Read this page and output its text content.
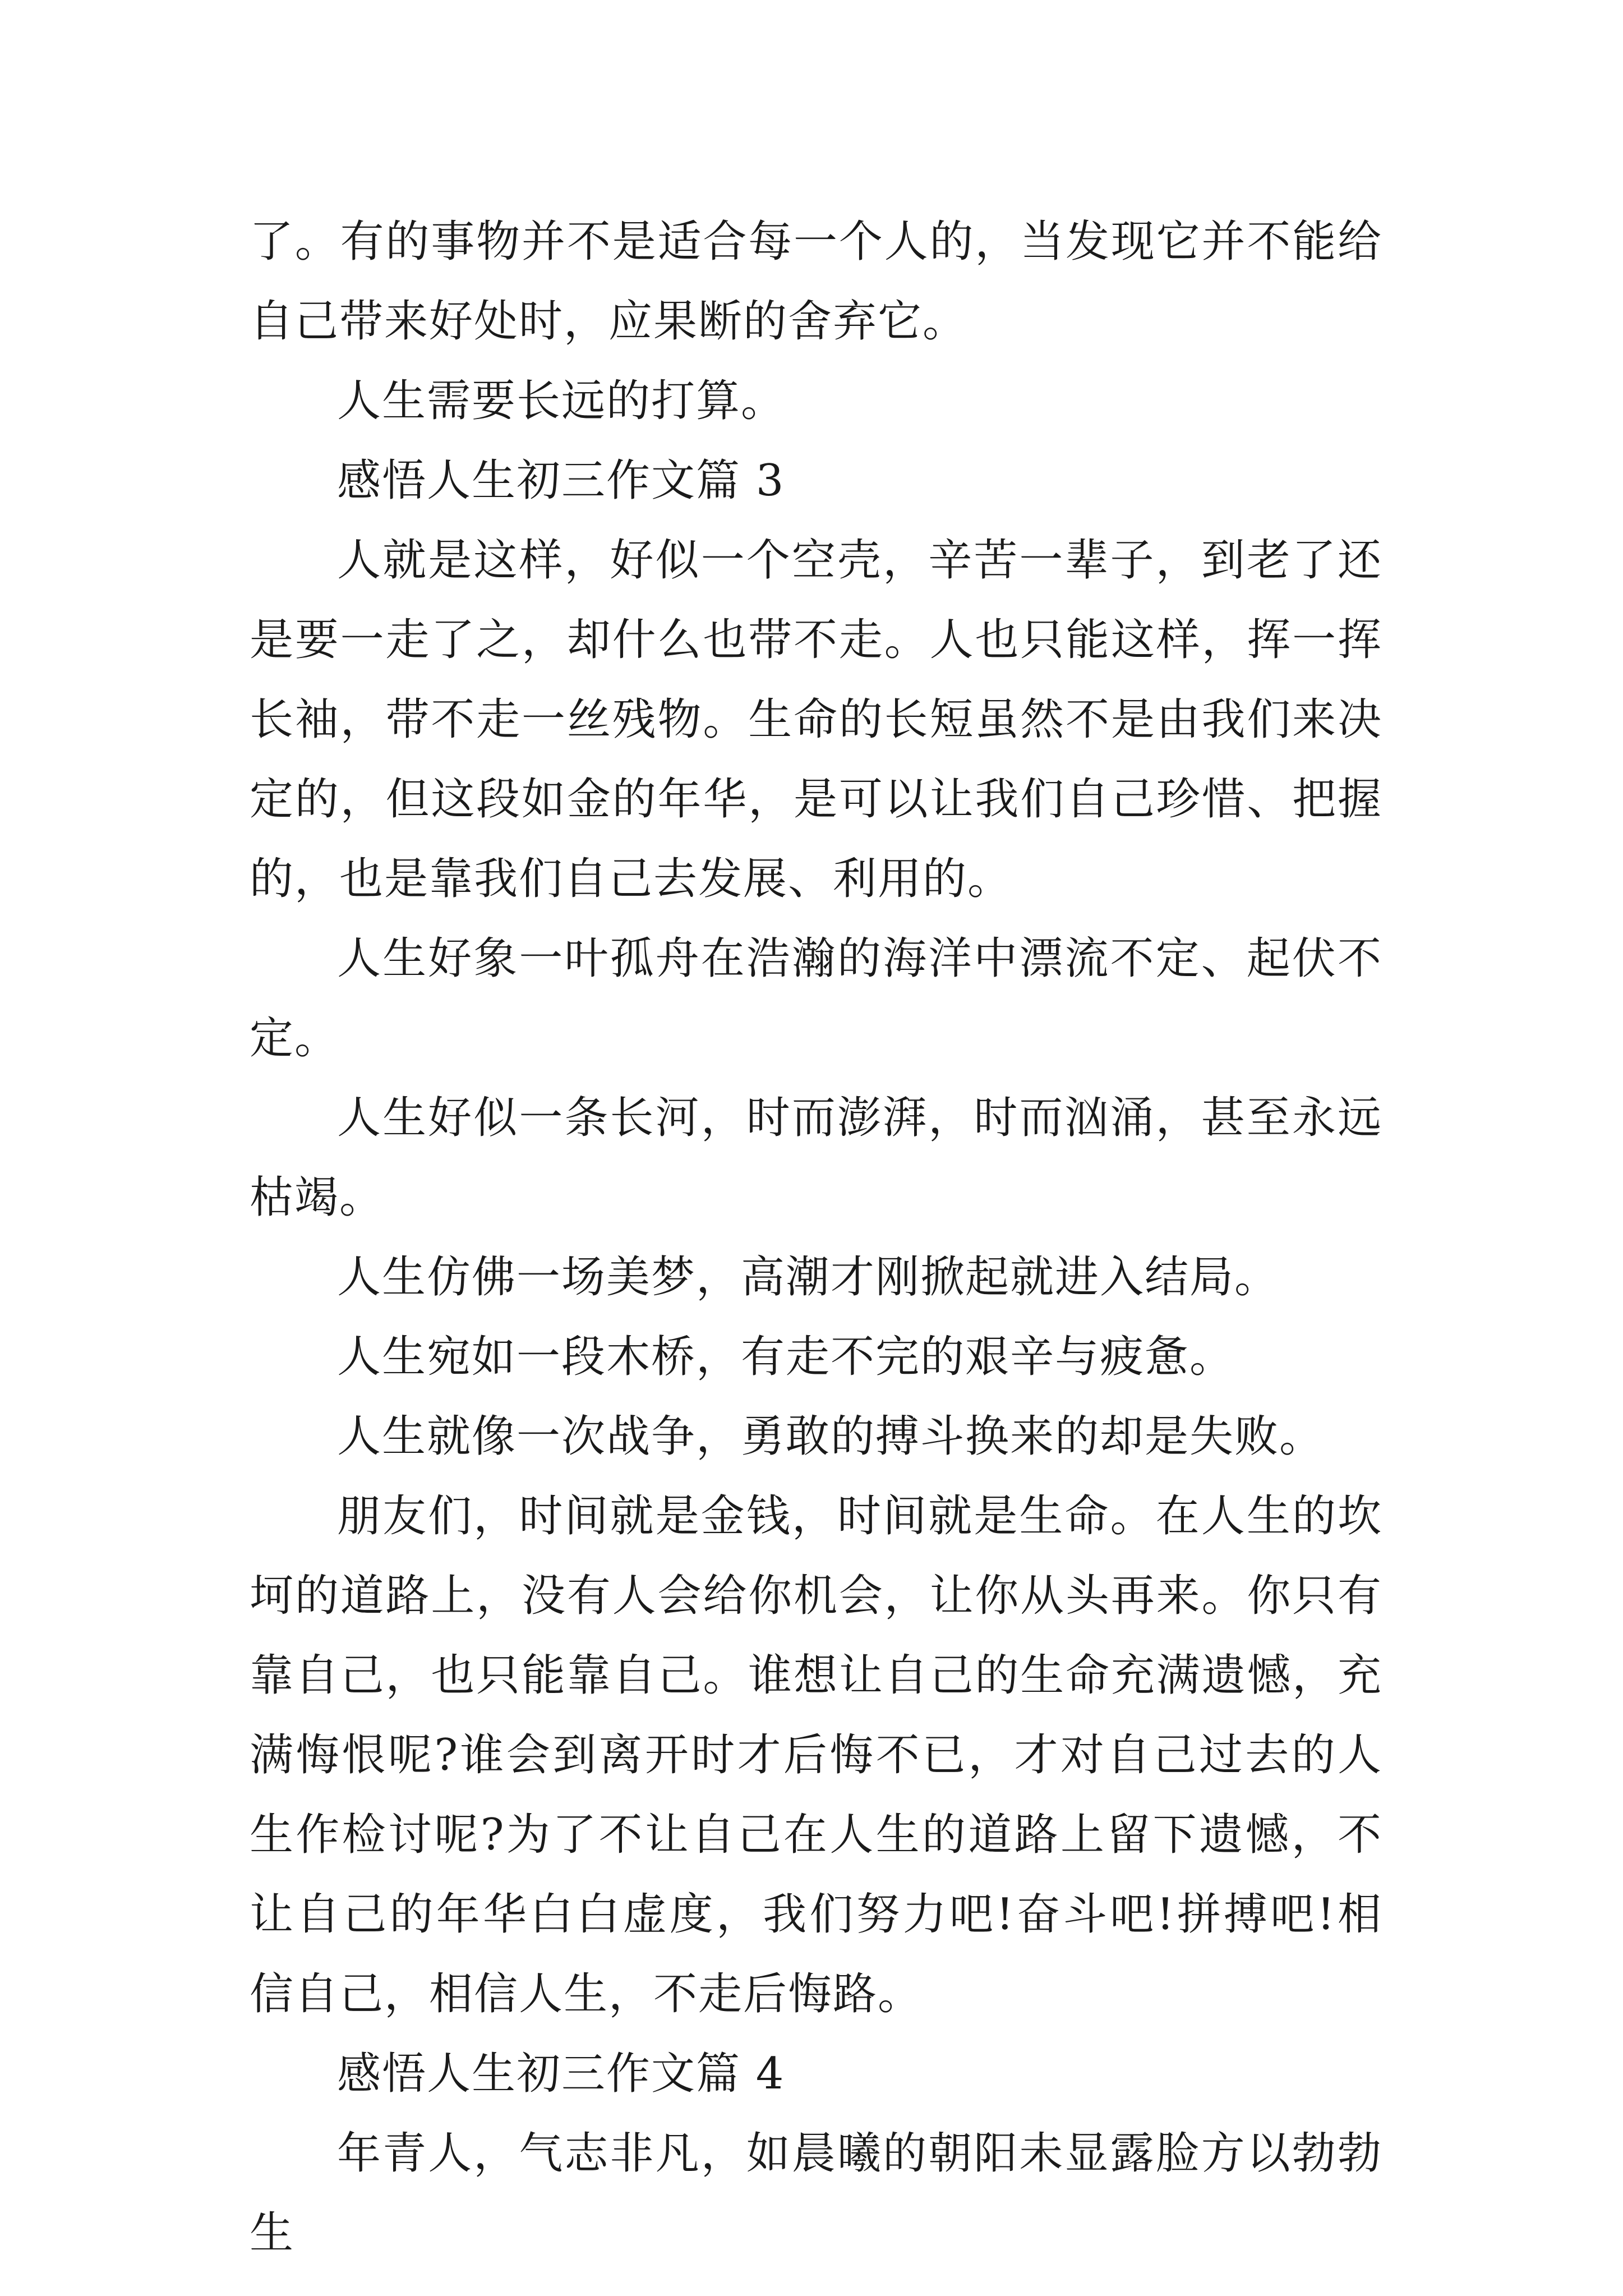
了。有的事物并不是适合每一个人的，当发现它并不能给自己带来好处时，应果断的舍弃它。

人生需要长远的打算。

感悟人生初三作文篇 3

人就是这样，好似一个空壳，辛苦一辈子，到老了还是要一走了之，却什么也带不走。人也只能这样，挥一挥长袖，带不走一丝残物。生命的长短虽然不是由我们来决定的，但这段如金的年华，是可以让我们自己珍惜、把握的，也是靠我们自己去发展、利用的。

人生好象一叶孤舟在浩瀚的海洋中漂流不定、起伏不定。

人生好似一条长河，时而澎湃，时而汹涌，甚至永远枯竭。

人生仿佛一场美梦，高潮才刚掀起就进入结局。

人生宛如一段木桥，有走不完的艰辛与疲惫。

人生就像一次战争，勇敢的搏斗换来的却是失败。

朋友们，时间就是金钱，时间就是生命。在人生的坎坷的道路上，没有人会给你机会，让你从头再来。你只有靠自己，也只能靠自己。谁想让自己的生命充满遗憾，充满悔恨呢?谁会到离开时才后悔不已，才对自己过去的人生作检讨呢?为了不让自己在人生的道路上留下遗憾，不让自己的年华白白虚度，我们努力吧!奋斗吧!拼搏吧!相信自己，相信人生，不走后悔路。

感悟人生初三作文篇 4

年青人，气志非凡，如晨曦的朝阳未显露脸方以勃勃生
